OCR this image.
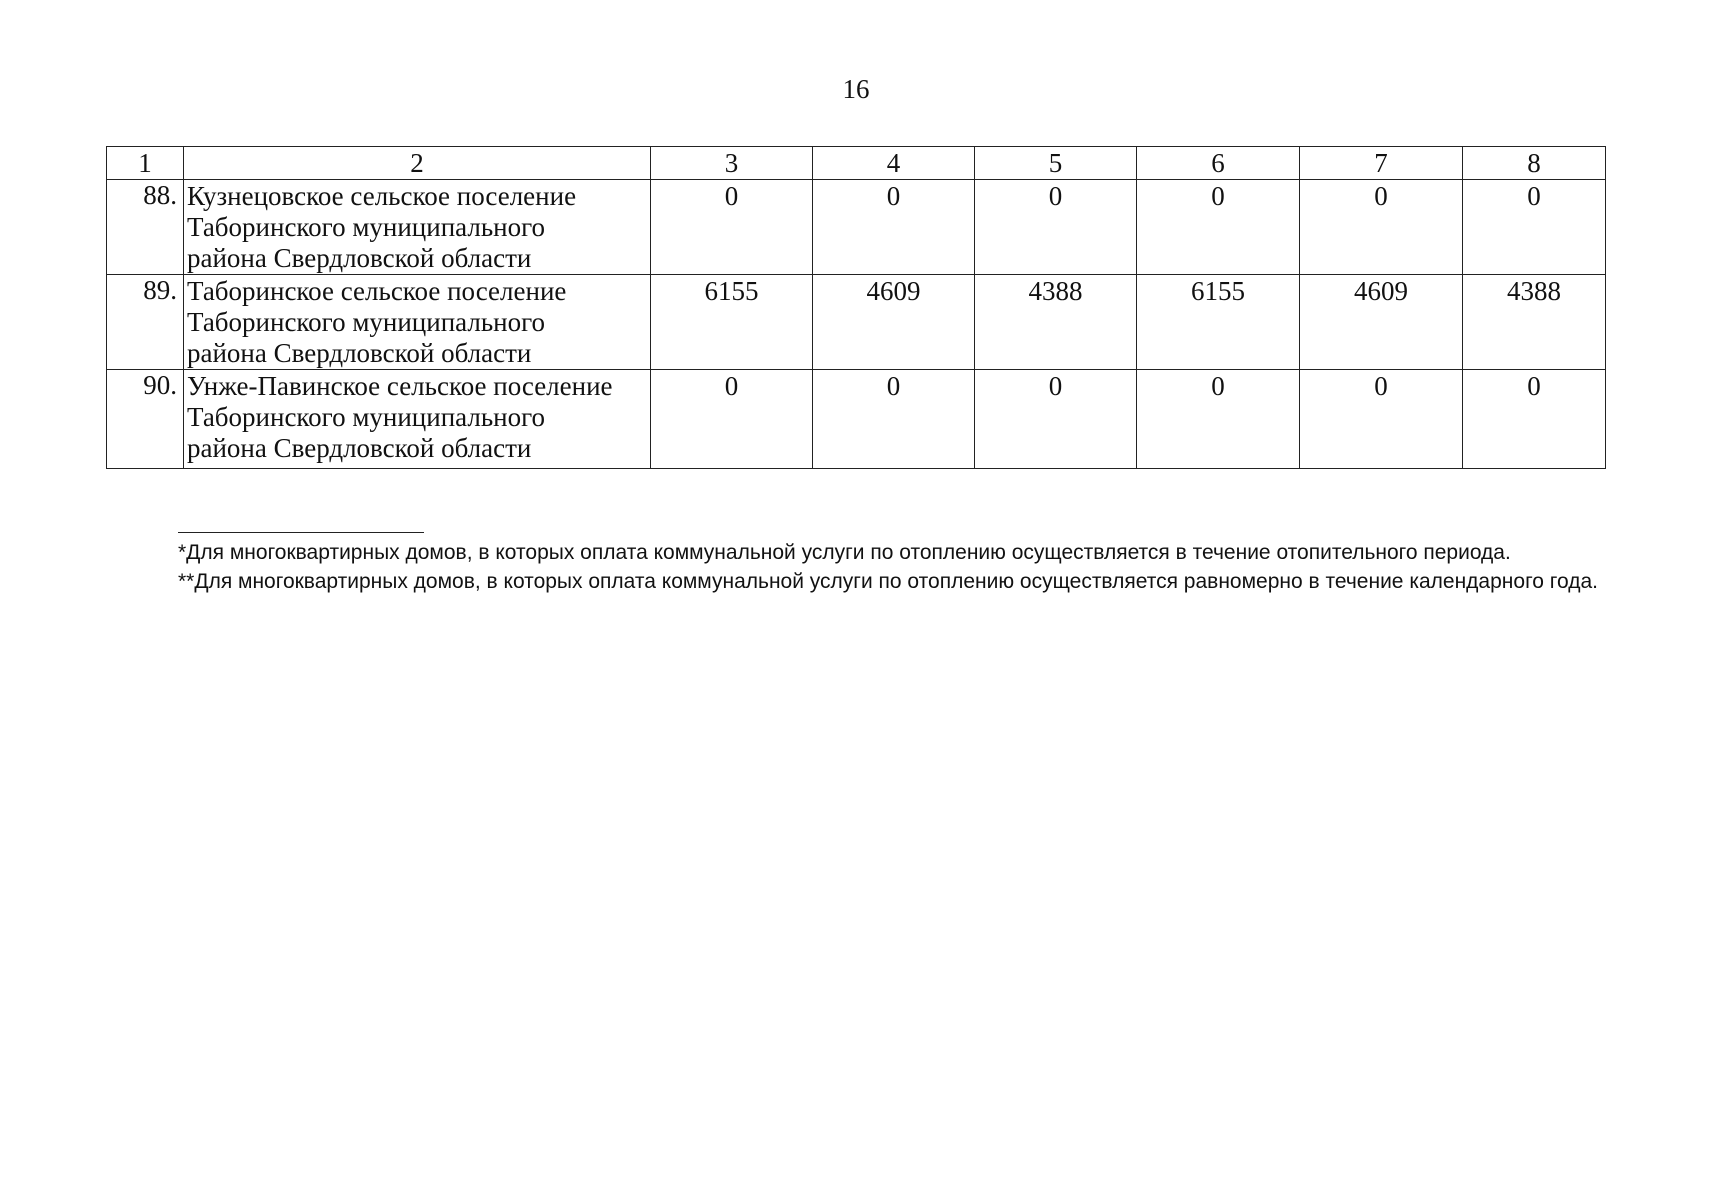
16
1	2	3	4	5	6	7	8
88.	Кузнецовское сельское поселение
Таборинского муниципального
района Свердловской области	0	0	0	0	0	0
89.	Таборинское сельское поселение
Таборинского муниципального
района Свердловской области	6155	4609	4388	6155	4609	4388
90.	Унже-Павинское сельское поселение
Таборинского муниципального
района Свердловской области	0	0	0	0	0	0

*Для многоквартирных домов, в которых оплата коммунальной услуги по отоплению осуществляется в течение отопительного периода.

**Для многоквартирных домов, в которых оплата коммунальной услуги по отоплению осуществляется равномерно в течение календарного года.
